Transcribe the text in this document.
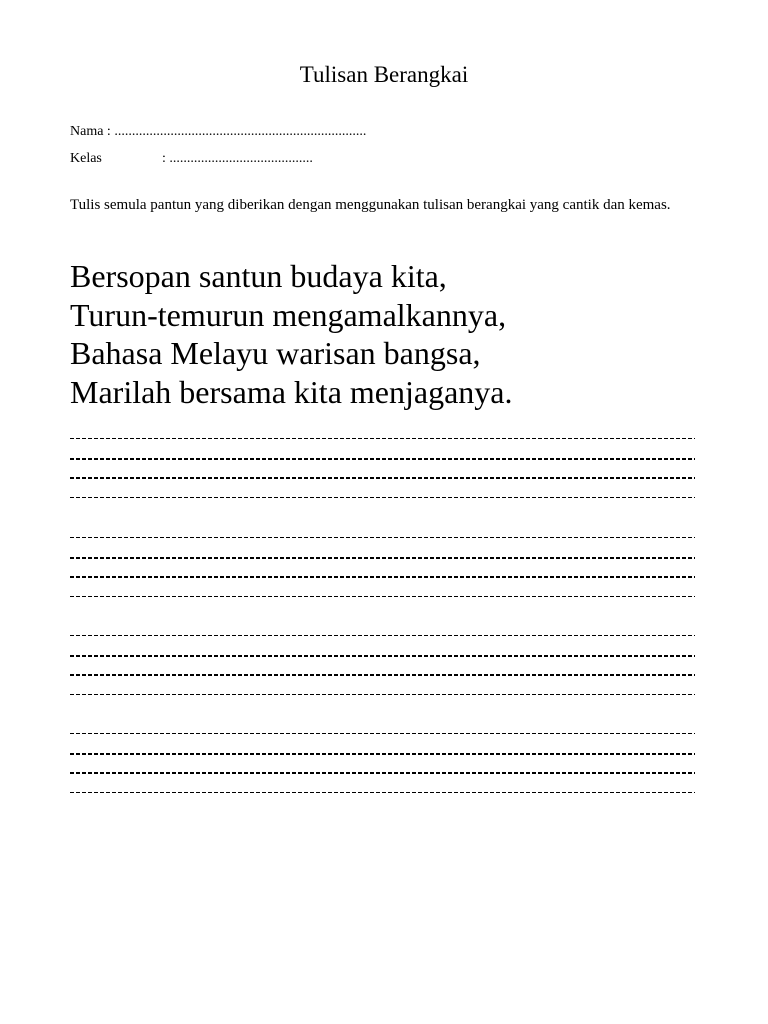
Tulisan Berangkai
Nama : ........................................................................
Kelas	: .........................................
Tulis semula pantun yang diberikan dengan menggunakan tulisan berangkai yang cantik dan kemas.
Bersopan santun budaya kita,
Turun-temurun mengamalkannya,
Bahasa Melayu warisan bangsa,
Marilah bersama kita menjaganya.
